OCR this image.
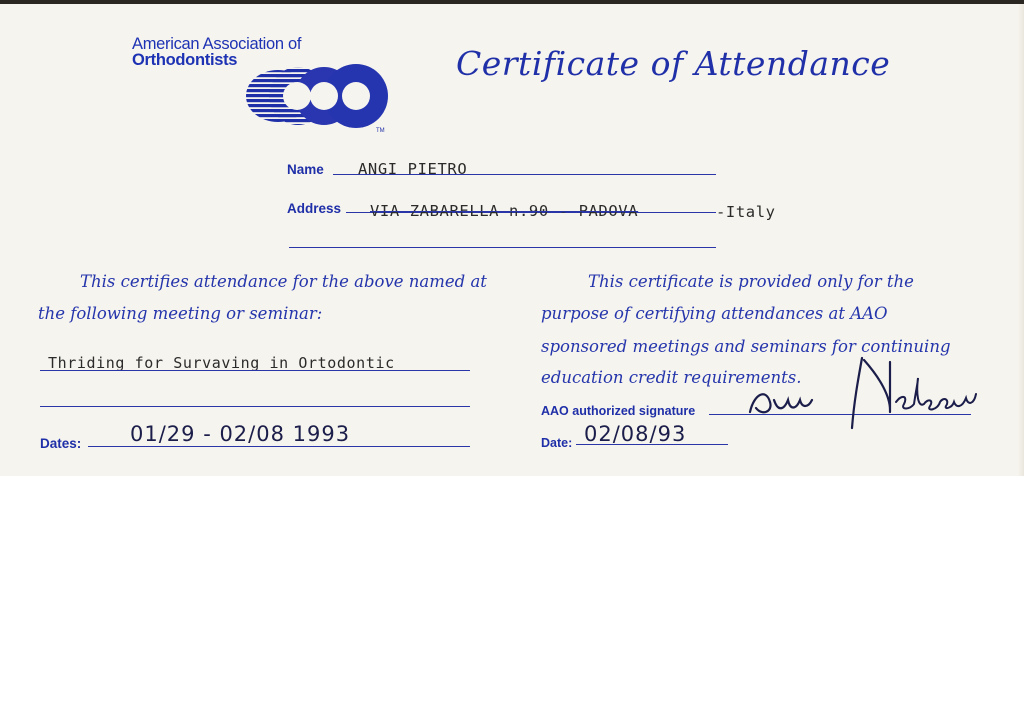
American Association of
Orthodontists
TM
Certificate of Attendance
Name ANGI PIETRO
Address VIA ZABARELLA n.90 - PADOVA	-Italy
This certifies attendance for the above named at
the following meeting or seminar:
Thriding for Survaving in Ortodontic
Dates: 01/29 - 02/08 1993
This certificate is provided only for the
purpose of certifying attendances at AAO
sponsored meetings and seminars for continuing
education credit requirements.
AAO authorized signature
Date: 02/08/93
